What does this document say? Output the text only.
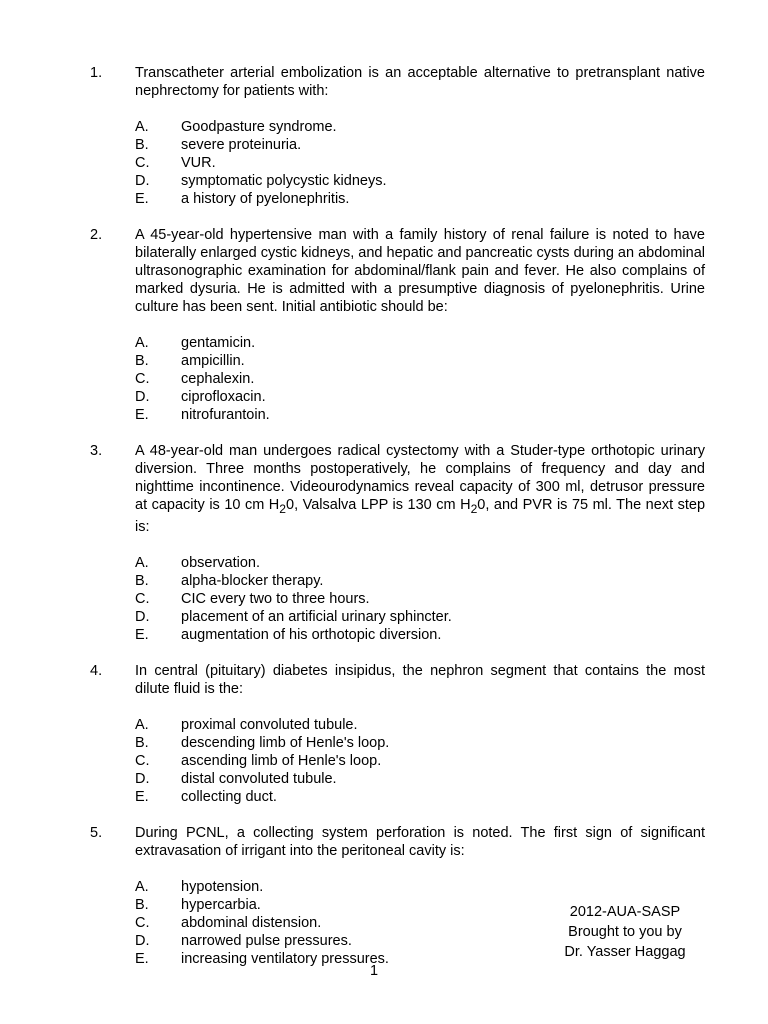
1. Transcatheter arterial embolization is an acceptable alternative to pretransplant native nephrectomy for patients with:
A. Goodpasture syndrome.
B. severe proteinuria.
C. VUR.
D. symptomatic polycystic kidneys.
E. a history of pyelonephritis.
2. A 45-year-old hypertensive man with a family history of renal failure is noted to have bilaterally enlarged cystic kidneys, and hepatic and pancreatic cysts during an abdominal ultrasonographic examination for abdominal/flank pain and fever. He also complains of marked dysuria. He is admitted with a presumptive diagnosis of pyelonephritis. Urine culture has been sent. Initial antibiotic should be:
A. gentamicin.
B. ampicillin.
C. cephalexin.
D. ciprofloxacin.
E. nitrofurantoin.
3. A 48-year-old man undergoes radical cystectomy with a Studer-type orthotopic urinary diversion. Three months postoperatively, he complains of frequency and day and nighttime incontinence. Videourodynamics reveal capacity of 300 ml, detrusor pressure at capacity is 10 cm $H_20$, Valsalva LPP is 130 cm $H_20$, and PVR is 75 ml. The next step is:
A. observation.
B. alpha-blocker therapy.
C. CIC every two to three hours.
D. placement of an artificial urinary sphincter.
E. augmentation of his orthotopic diversion.
4. In central (pituitary) diabetes insipidus, the nephron segment that contains the most dilute fluid is the:
A. proximal convoluted tubule.
B. descending limb of Henle's loop.
C. ascending limb of Henle's loop.
D. distal convoluted tubule.
E. collecting duct.
5. During PCNL, a collecting system perforation is noted. The first sign of significant extravasation of irrigant into the peritoneal cavity is:
A. hypotension.
B. hypercarbia.
C. abdominal distension.
D. narrowed pulse pressures.
E. increasing ventilatory pressures.
2012-AUA-SASP
Brought to you by
Dr. Yasser Haggag
1
